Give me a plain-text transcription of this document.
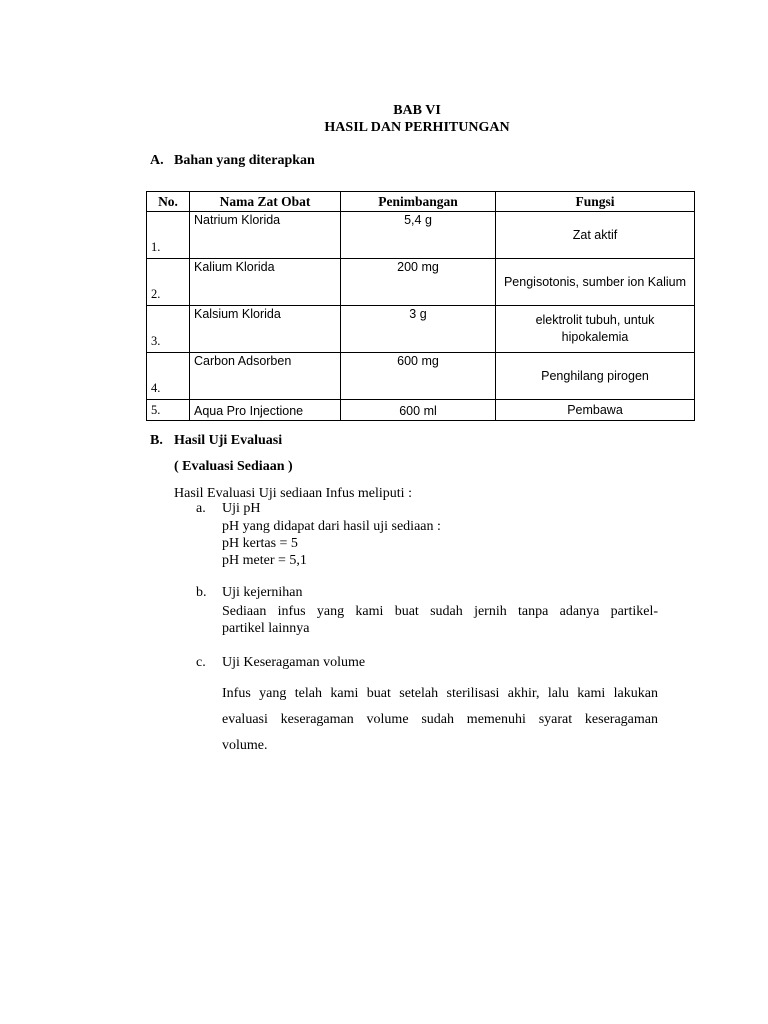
BAB VI
HASIL DAN PERHITUNGAN
A. Bahan yang diterapkan
No.	Nama Zat Obat	Penimbangan	Fungsi
1.	Natrium Klorida	5,4 g	Zat aktif
2.	Kalium Klorida	200 mg	Pengisotonis, sumber ion Kalium
3.	Kalsium Klorida	3 g	elektrolit tubuh, untuk hipokalemia
4.	Carbon Adsorben	600 mg	Penghilang pirogen
5.	Aqua Pro Injectione	600 ml	Pembawa
B. Hasil Uji Evaluasi
( Evaluasi Sediaan )
Hasil Evaluasi Uji sediaan Infus meliputi :
a. Uji pH
pH yang didapat dari hasil uji sediaan :
pH kertas = 5
pH meter = 5,1
b. Uji kejernihan
Sediaan infus yang kami buat sudah jernih tanpa adanya partikel-
partikel lainnya
c. Uji Keseragaman volume
Infus yang telah kami buat setelah sterilisasi akhir, lalu kami lakukan
evaluasi keseragaman volume sudah memenuhi syarat keseragaman
volume.
